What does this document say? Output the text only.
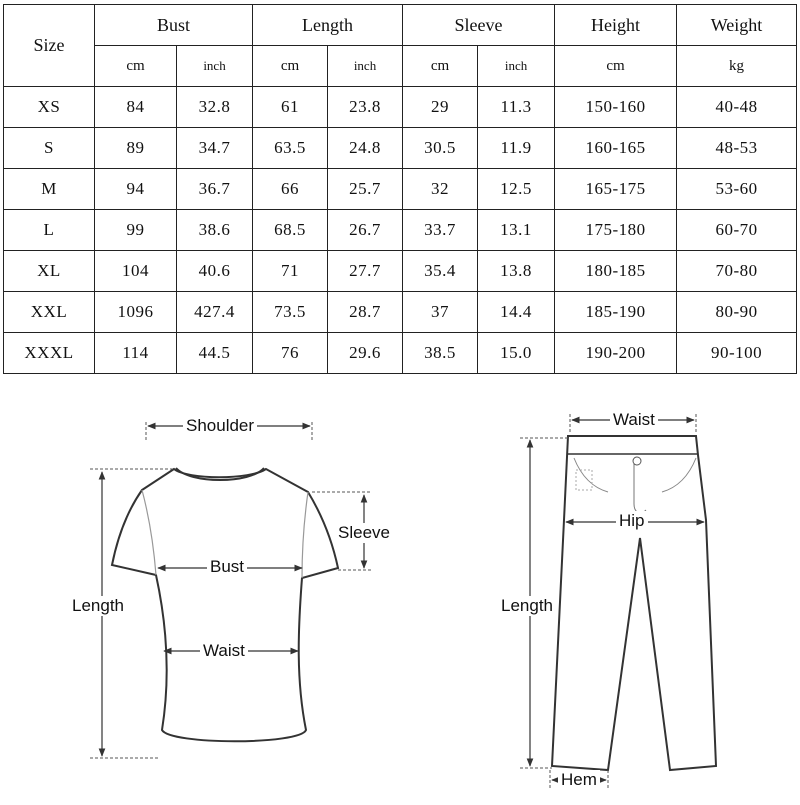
Size	Bust		Length		Sleeve		Height	Weight
	cm	inch	cm	inch	cm	inch	cm	kg
XS	84	32.8	61	23.8	29	11.3	150-160	40-48
S	89	34.7	63.5	24.8	30.5	11.9	160-165	48-53
M	94	36.7	66	25.7	32	12.5	165-175	53-60
L	99	38.6	68.5	26.7	33.7	13.1	175-180	60-70
XL	104	40.6	71	27.7	35.4	13.8	180-185	70-80
XXL	1096	427.4	73.5	28.7	37	14.4	185-190	80-90
XXXL	114	44.5	76	29.6	38.5	15.0	190-200	90-100
Shoulder
Sleeve
Bust
Length
Waist
Waist
Hip
Length
Hem
